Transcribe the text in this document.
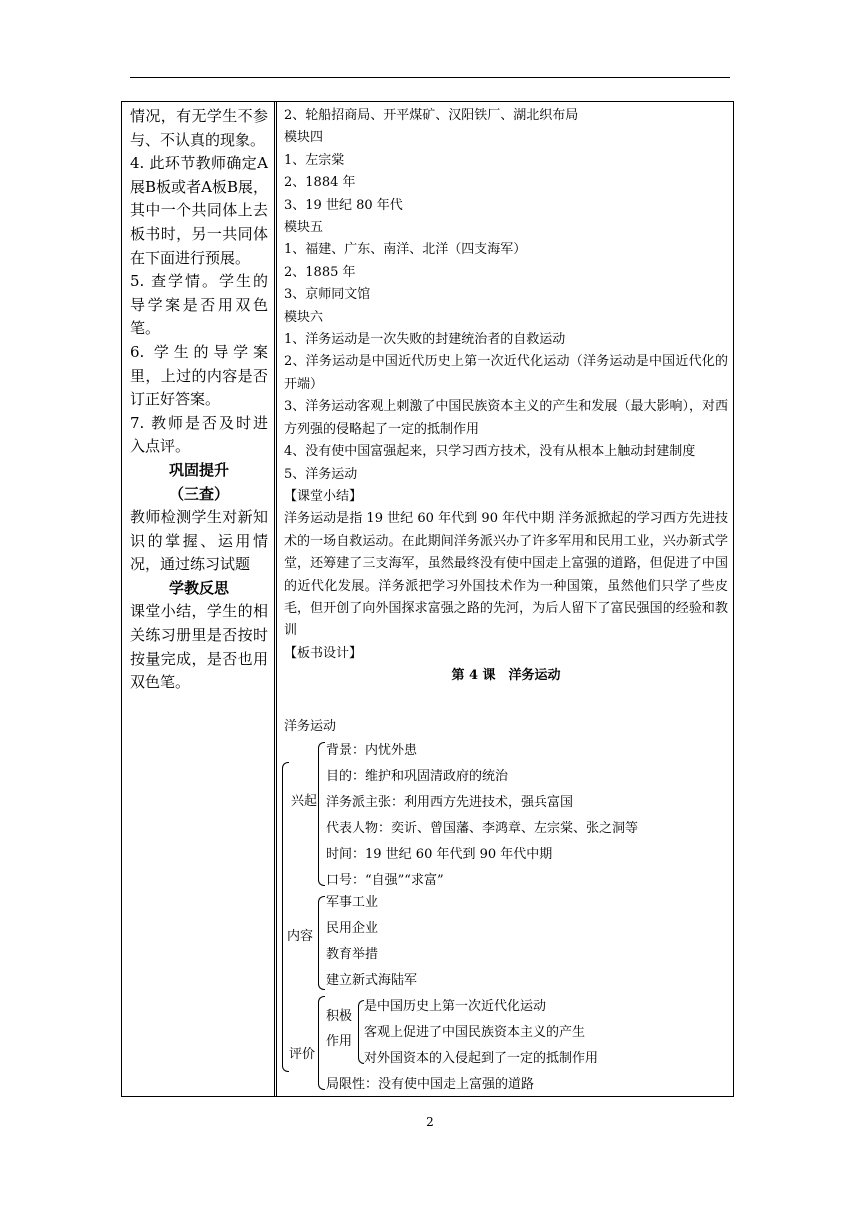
情况，有无学生不参与、不认真的现象。
4. 此环节教师确定A展B板或者A板B展，其中一个共同体上去板书时，另一共同体在下面进行预展。
5. 查学情。学生的导学案是否用双色笔。
6. 学生的导学案里，上过的内容是否订正好答案。
7. 教师是否及时进入点评。
巩固提升
（三查）
教师检测学生对新知识的掌握、运用情况，通过练习试题
学教反思
课堂小结，学生的相关练习册里是否按时按量完成，是否也用双色笔。
2、轮船招商局、开平煤矿、汉阳铁厂、湖北织布局
模块四
1、左宗棠
2、1884 年
3、19 世纪 80 年代
模块五
1、福建、广东、南洋、北洋（四支海军）
2、1885 年
3、京师同文馆
模块六
1、洋务运动是一次失败的封建统治者的自救运动
2、洋务运动是中国近代历史上第一次近代化运动（洋务运动是中国近代化的开端）
3、洋务运动客观上刺激了中国民族资本主义的产生和发展（最大影响），对西方列强的侵略起了一定的抵制作用
4、没有使中国富强起来，只学习西方技术，没有从根本上触动封建制度
5、洋务运动
【课堂小结】
洋务运动是指 19 世纪 60 年代到 90 年代中期 洋务派掀起的学习西方先进技术的一场自救运动。在此期间洋务派兴办了许多军用和民用工业，兴办新式学堂，还筹建了三支海军，虽然最终没有使中国走上富强的道路，但促进了中国的近代化发展。洋务派把学习外国技术作为一种国策，虽然他们只学了些皮毛，但开创了向外国探求富强之路的先河，为后人留下了富民强国的经验和教训
【板书设计】
第 4 课　洋务运动
洋务运动
兴起
背景：内忧外患
目的：维护和巩固清政府的统治
洋务派主张：利用西方先进技术，强兵富国
代表人物：奕䜣、曾国藩、李鸿章、左宗棠、张之洞等
时间：19 世纪 60 年代到 90 年代中期
口号：“自强”“求富”
内容
军事工业
民用企业
教育举措
建立新式海陆军
评价
积极
作用
是中国历史上第一次近代化运动
客观上促进了中国民族资本主义的产生
对外国资本的入侵起到了一定的抵制作用
局限性：没有使中国走上富强的道路
2
